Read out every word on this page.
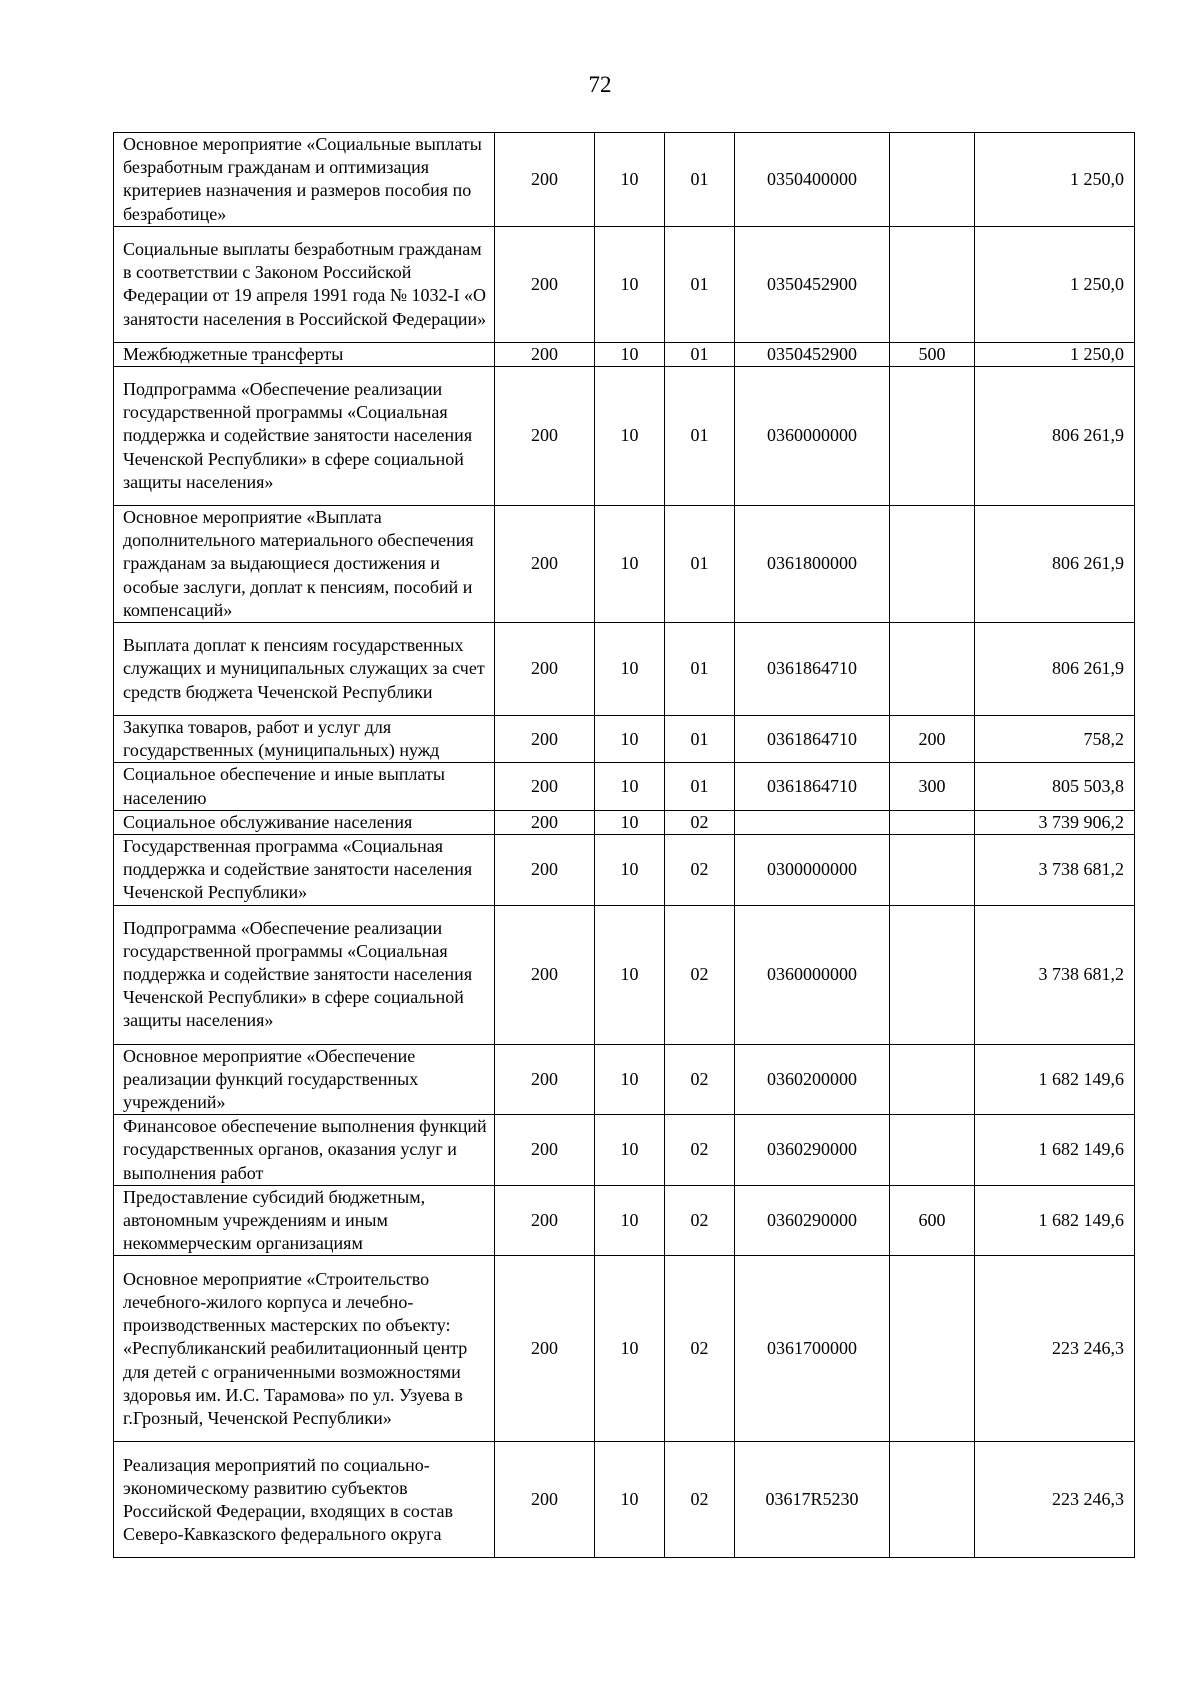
72
Основное мероприятие «Социальные выплаты безработным гражданам и оптимизация критериев назначения и размеров пособия по безработице»	200	10	01	0350400000		1 250,0
Социальные выплаты безработным гражданам в соответствии с Законом Российской Федерации от 19 апреля 1991 года № 1032-I «О занятости населения в Российской Федерации»	200	10	01	0350452900		1 250,0
Межбюджетные трансферты	200	10	01	0350452900	500	1 250,0
Подпрограмма «Обеспечение реализации государственной программы «Социальная поддержка и содействие занятости населения Чеченской Республики» в сфере социальной защиты населения»	200	10	01	0360000000		806 261,9
Основное мероприятие «Выплата дополнительного материального обеспечения гражданам за выдающиеся достижения и особые заслуги, доплат к пенсиям, пособий и компенсаций»	200	10	01	0361800000		806 261,9
Выплата доплат к пенсиям государственных служащих и муниципальных служащих за счет средств бюджета Чеченской Республики	200	10	01	0361864710		806 261,9
Закупка товаров, работ и услуг для государственных (муниципальных) нужд	200	10	01	0361864710	200	758,2
Социальное обеспечение и иные выплаты населению	200	10	01	0361864710	300	805 503,8
Социальное обслуживание населения	200	10	02			3 739 906,2
Государственная программа «Социальная поддержка и содействие занятости населения Чеченской Республики»	200	10	02	0300000000		3 738 681,2
Подпрограмма «Обеспечение реализации государственной программы «Социальная поддержка и содействие занятости населения Чеченской Республики» в сфере социальной защиты населения»	200	10	02	0360000000		3 738 681,2
Основное мероприятие «Обеспечение реализации функций государственных учреждений»	200	10	02	0360200000		1 682 149,6
Финансовое обеспечение выполнения функций государственных органов, оказания услуг и выполнения работ	200	10	02	0360290000		1 682 149,6
Предоставление субсидий бюджетным, автономным учреждениям и иным некоммерческим организациям	200	10	02	0360290000	600	1 682 149,6
Основное мероприятие «Строительство лечебного-жилого корпуса и лечебно-производственных мастерских по объекту: «Республиканский реабилитационный центр для детей с ограниченными возможностями здоровья им. И.С. Тарамова» по ул. Узуева в г.Грозный, Чеченской Республики»	200	10	02	0361700000		223 246,3
Реализация мероприятий по социально-экономическому развитию субъектов Российской Федерации, входящих в состав Северо-Кавказского федерального округа	200	10	02	03617R5230		223 246,3
